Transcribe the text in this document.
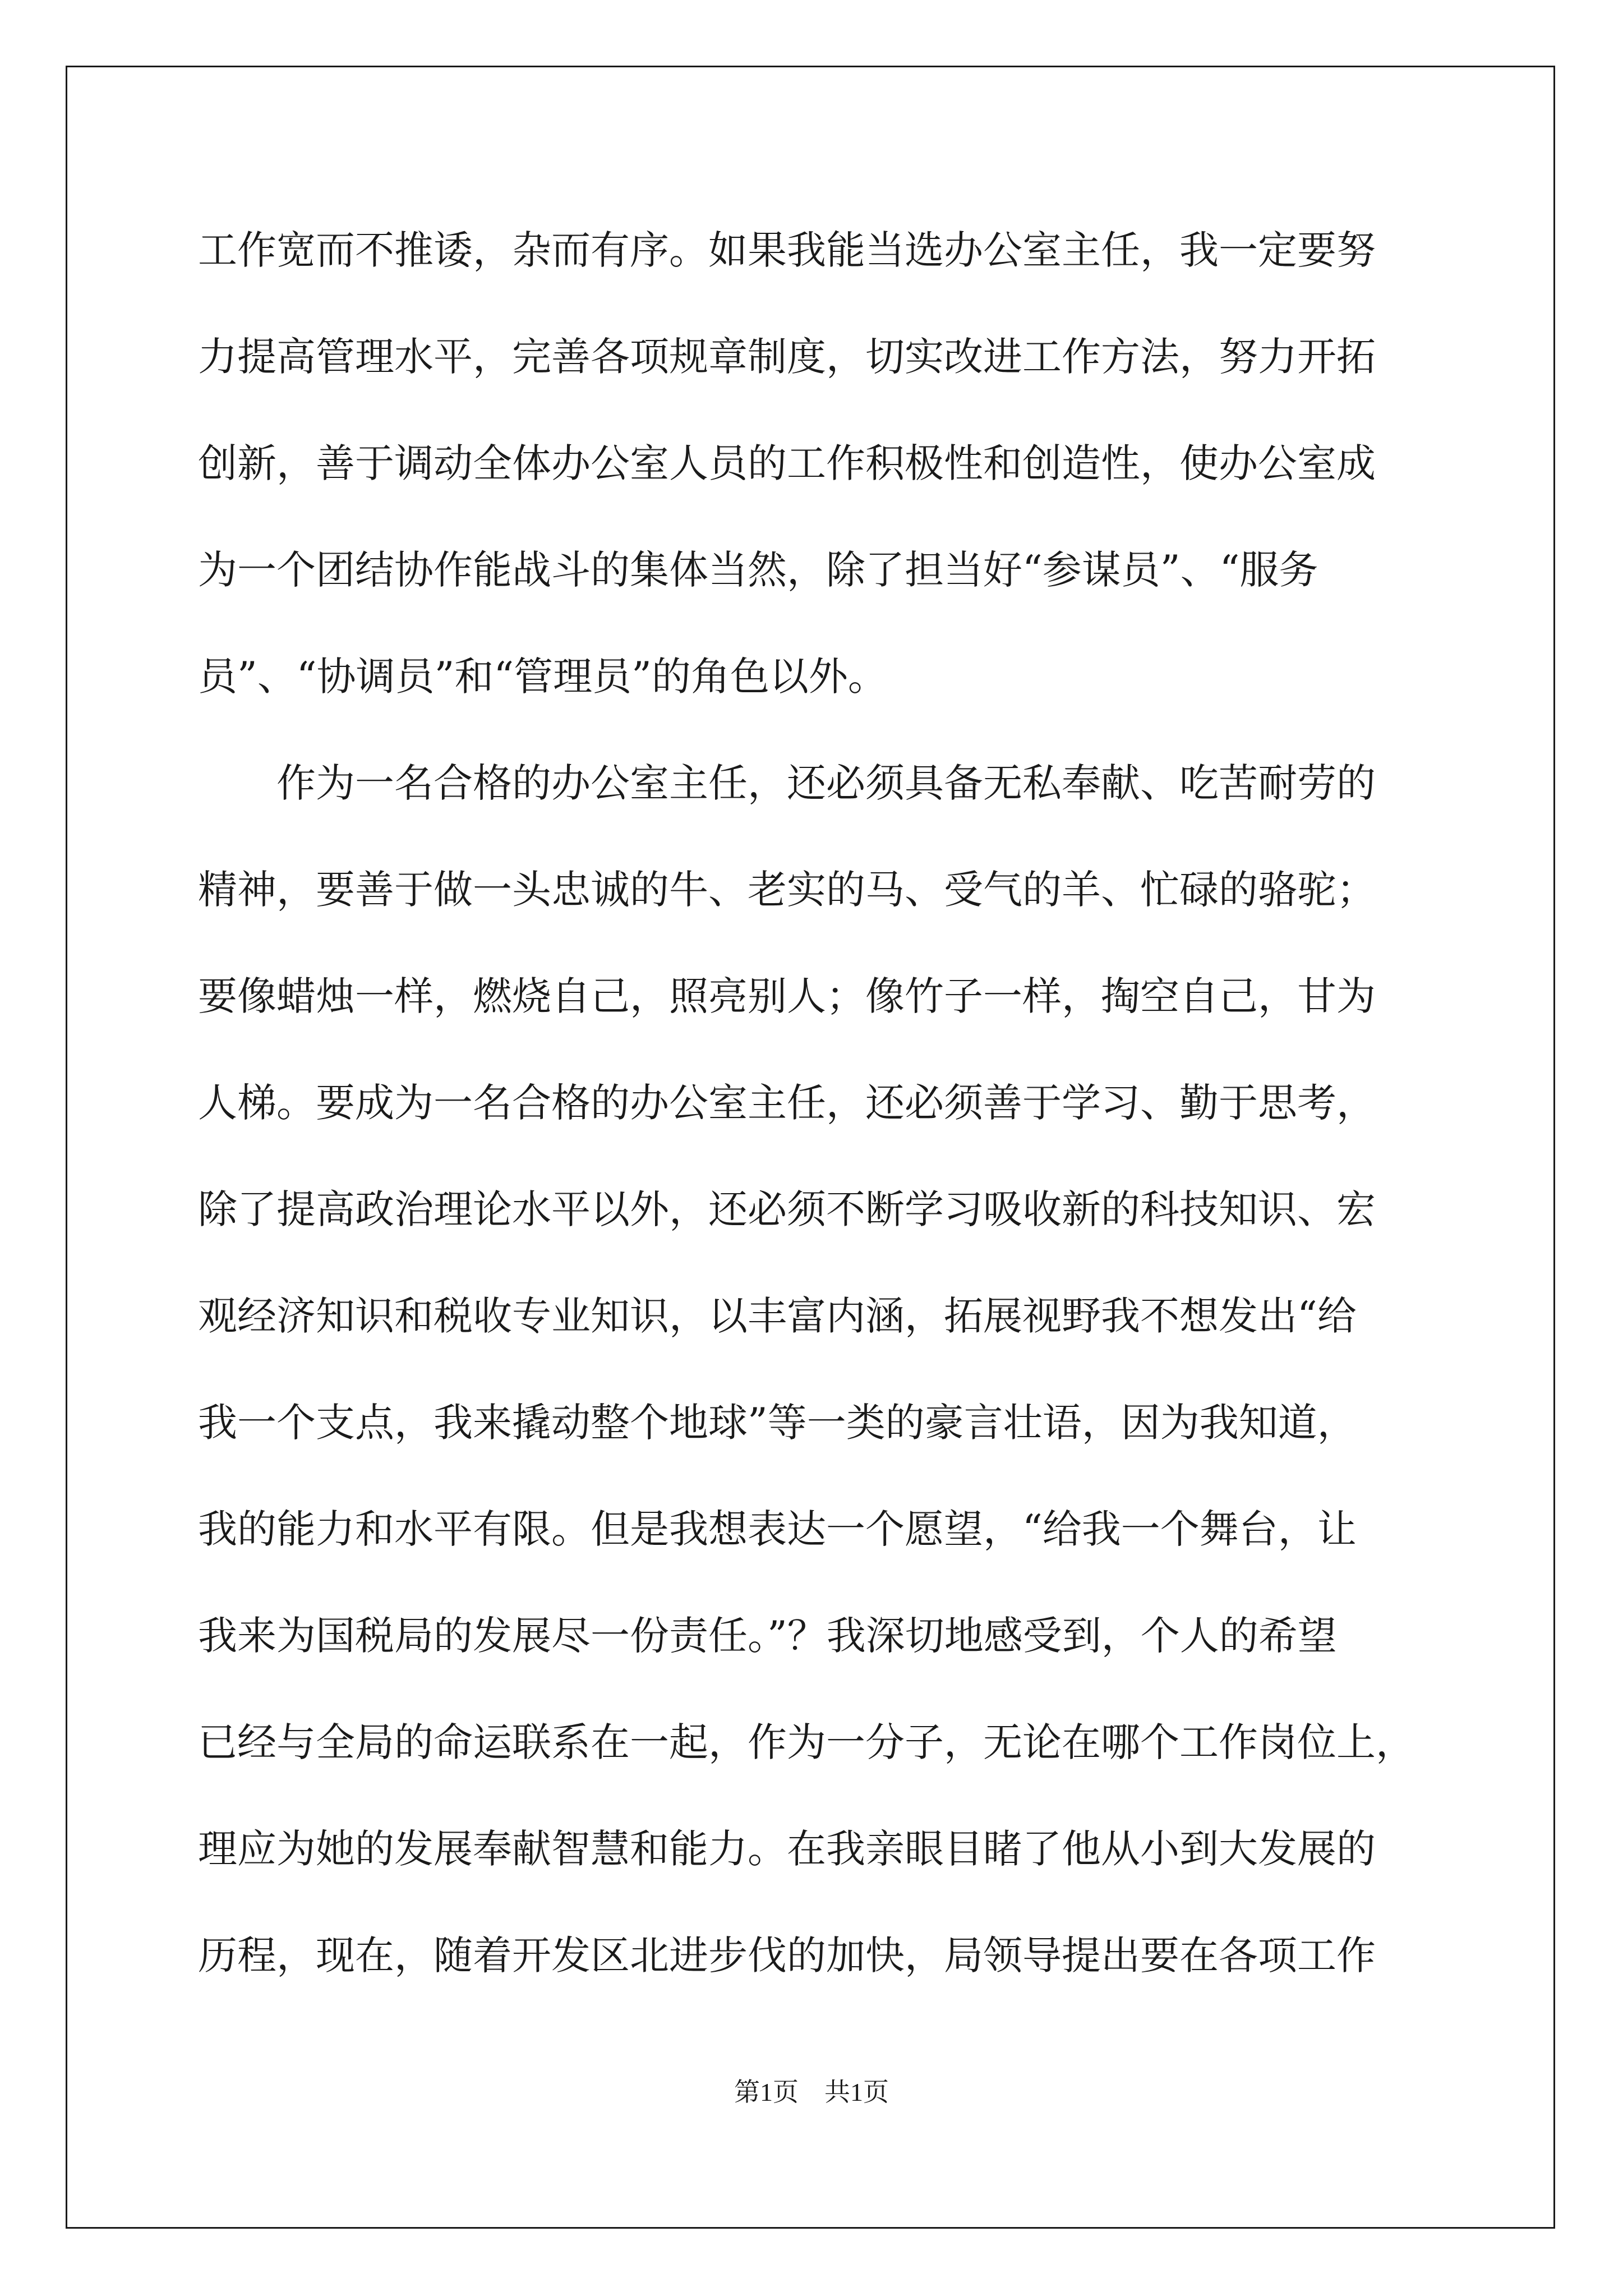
工作宽而不推诿，杂而有序。如果我能当选办公室主任，我一定要努
力提高管理水平，完善各项规章制度，切实改进工作方法，努力开拓
创新，善于调动全体办公室人员的工作积极性和创造性，使办公室成
为一个团结协作能战斗的集体当然，除了担当好“参谋员”、“服务
员”、“协调员”和“管理员”的角色以外。
作为一名合格的办公室主任，还必须具备无私奉献、吃苦耐劳的
精神，要善于做一头忠诚的牛、老实的马、受气的羊、忙碌的骆驼；
要像蜡烛一样，燃烧自己，照亮别人；像竹子一样，掏空自己，甘为
人梯。要成为一名合格的办公室主任，还必须善于学习、勤于思考，
除了提高政治理论水平以外，还必须不断学习吸收新的科技知识、宏
观经济知识和税收专业知识，以丰富内涵，拓展视野我不想发出“给
我一个支点，我来撬动整个地球”等一类的豪言壮语，因为我知道，
我的能力和水平有限。但是我想表达一个愿望，“给我一个舞台，让
我来为国税局的发展尽一份责任。”？我深切地感受到，个人的希望
已经与全局的命运联系在一起，作为一分子，无论在哪个工作岗位上，
理应为她的发展奉献智慧和能力。在我亲眼目睹了他从小到大发展的
历程，现在，随着开发区北进步伐的加快，局领导提出要在各项工作
第1页 共1页
